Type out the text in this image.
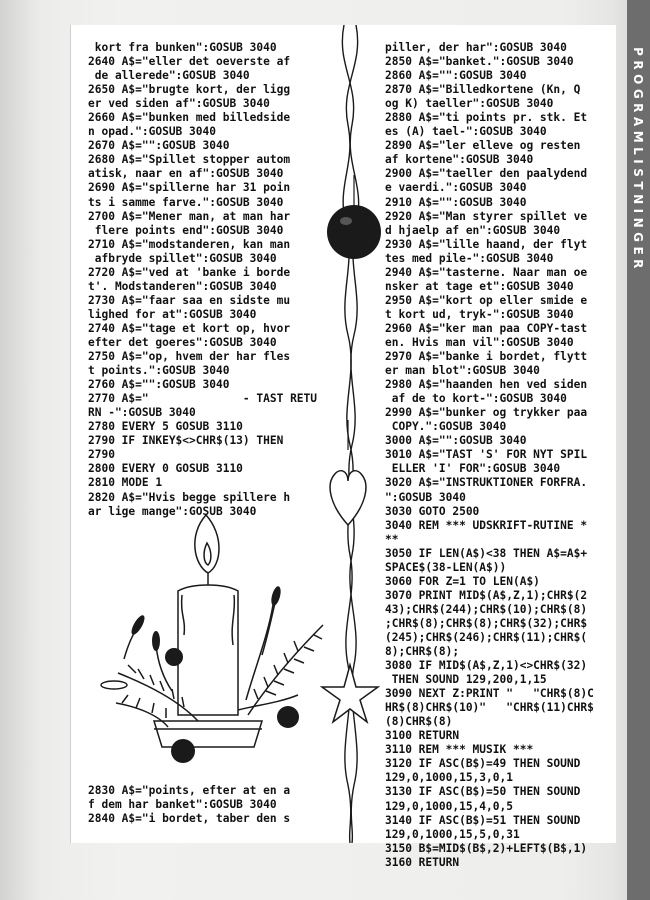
PROGRAMLISTNINGER
kort fra bunken":GOSUB 3040
2640 A$="eller det oeverste af
de allerede":GOSUB 3040
2650 A$="brugte kort, der ligg
er ved siden af":GOSUB 3040
2660 A$="bunken med billedside
n opad.":GOSUB 3040
2670 A$="":GOSUB 3040
2680 A$="Spillet stopper autom
atisk, naar en af":GOSUB 3040
2690 A$="spillerne har 31 poin
ts i samme farve.":GOSUB 3040
2700 A$="Mener man, at man har
flere points end":GOSUB 3040
2710 A$="modstanderen, kan man
afbryde spillet":GOSUB 3040
2720 A$="ved at 'banke i borde
t'. Modstanderen":GOSUB 3040
2730 A$="faar saa en sidste mu
lighed for at":GOSUB 3040
2740 A$="tage et kort op, hvor
efter det goeres":GOSUB 3040
2750 A$="op, hvem der har fles
t points.":GOSUB 3040
2760 A$="":GOSUB 3040
2770 A$="              - TAST RETU
RN -":GOSUB 3040
2780 EVERY 5 GOSUB 3110
2790 IF INKEY$<>CHR$(13) THEN
2790
2800 EVERY 0 GOSUB 3110
2810 MODE 1
2820 A$="Hvis begge spillere h
ar lige mange":GOSUB 3040
2830 A$="points, efter at en a
f dem har banket":GOSUB 3040
2840 A$="i bordet, taber den s
piller, der har":GOSUB 3040
2850 A$="banket.":GOSUB 3040
2860 A$="":GOSUB 3040
2870 A$="Billedkortene (Kn, Q
og K) taeller":GOSUB 3040
2880 A$="ti points pr. stk. Et
es (A) tael-":GOSUB 3040
2890 A$="ler elleve og resten
af kortene":GOSUB 3040
2900 A$="taeller den paalydend
e vaerdi.":GOSUB 3040
2910 A$="":GOSUB 3040
2920 A$="Man styrer spillet ve
d hjaelp af en":GOSUB 3040
2930 A$="lille haand, der flyt
tes med pile-":GOSUB 3040
2940 A$="tasterne. Naar man oe
nsker at tage et":GOSUB 3040
2950 A$="kort op eller smide e
t kort ud, tryk-":GOSUB 3040
2960 A$="ker man paa COPY-tast
en. Hvis man vil":GOSUB 3040
2970 A$="banke i bordet, flytt
er man blot":GOSUB 3040
2980 A$="haanden hen ved siden
af de to kort-":GOSUB 3040
2990 A$="bunker og trykker paa
COPY.":GOSUB 3040
3000 A$="":GOSUB 3040
3010 A$="TAST 'S' FOR NYT SPIL
ELLER 'I' FOR":GOSUB 3040
3020 A$="INSTRUKTIONER FORFRA.
":GOSUB 3040
3030 GOTO 2500
3040 REM *** UDSKRIFT-RUTINE *
**
3050 IF LEN(A$)<38 THEN A$=A$+
SPACE$(38-LEN(A$))
3060 FOR Z=1 TO LEN(A$)
3070 PRINT MID$(A$,Z,1);CHR$(2
43);CHR$(244);CHR$(10);CHR$(8)
;CHR$(8);CHR$(8);CHR$(32);CHR$
(245);CHR$(246);CHR$(11);CHR$(
8);CHR$(8);
3080 IF MID$(A$,Z,1)<>CHR$(32)
THEN SOUND 129,200,1,15
3090 NEXT Z:PRINT "   "CHR$(8)C
HR$(8)CHR$(10)"   "CHR$(11)CHR$
(8)CHR$(8)
3100 RETURN
3110 REM *** MUSIK ***
3120 IF ASC(B$)=49 THEN SOUND
129,0,1000,15,3,0,1
3130 IF ASC(B$)=50 THEN SOUND
129,0,1000,15,4,0,5
3140 IF ASC(B$)=51 THEN SOUND
129,0,1000,15,5,0,31
3150 B$=MID$(B$,2)+LEFT$(B$,1)
3160 RETURN
